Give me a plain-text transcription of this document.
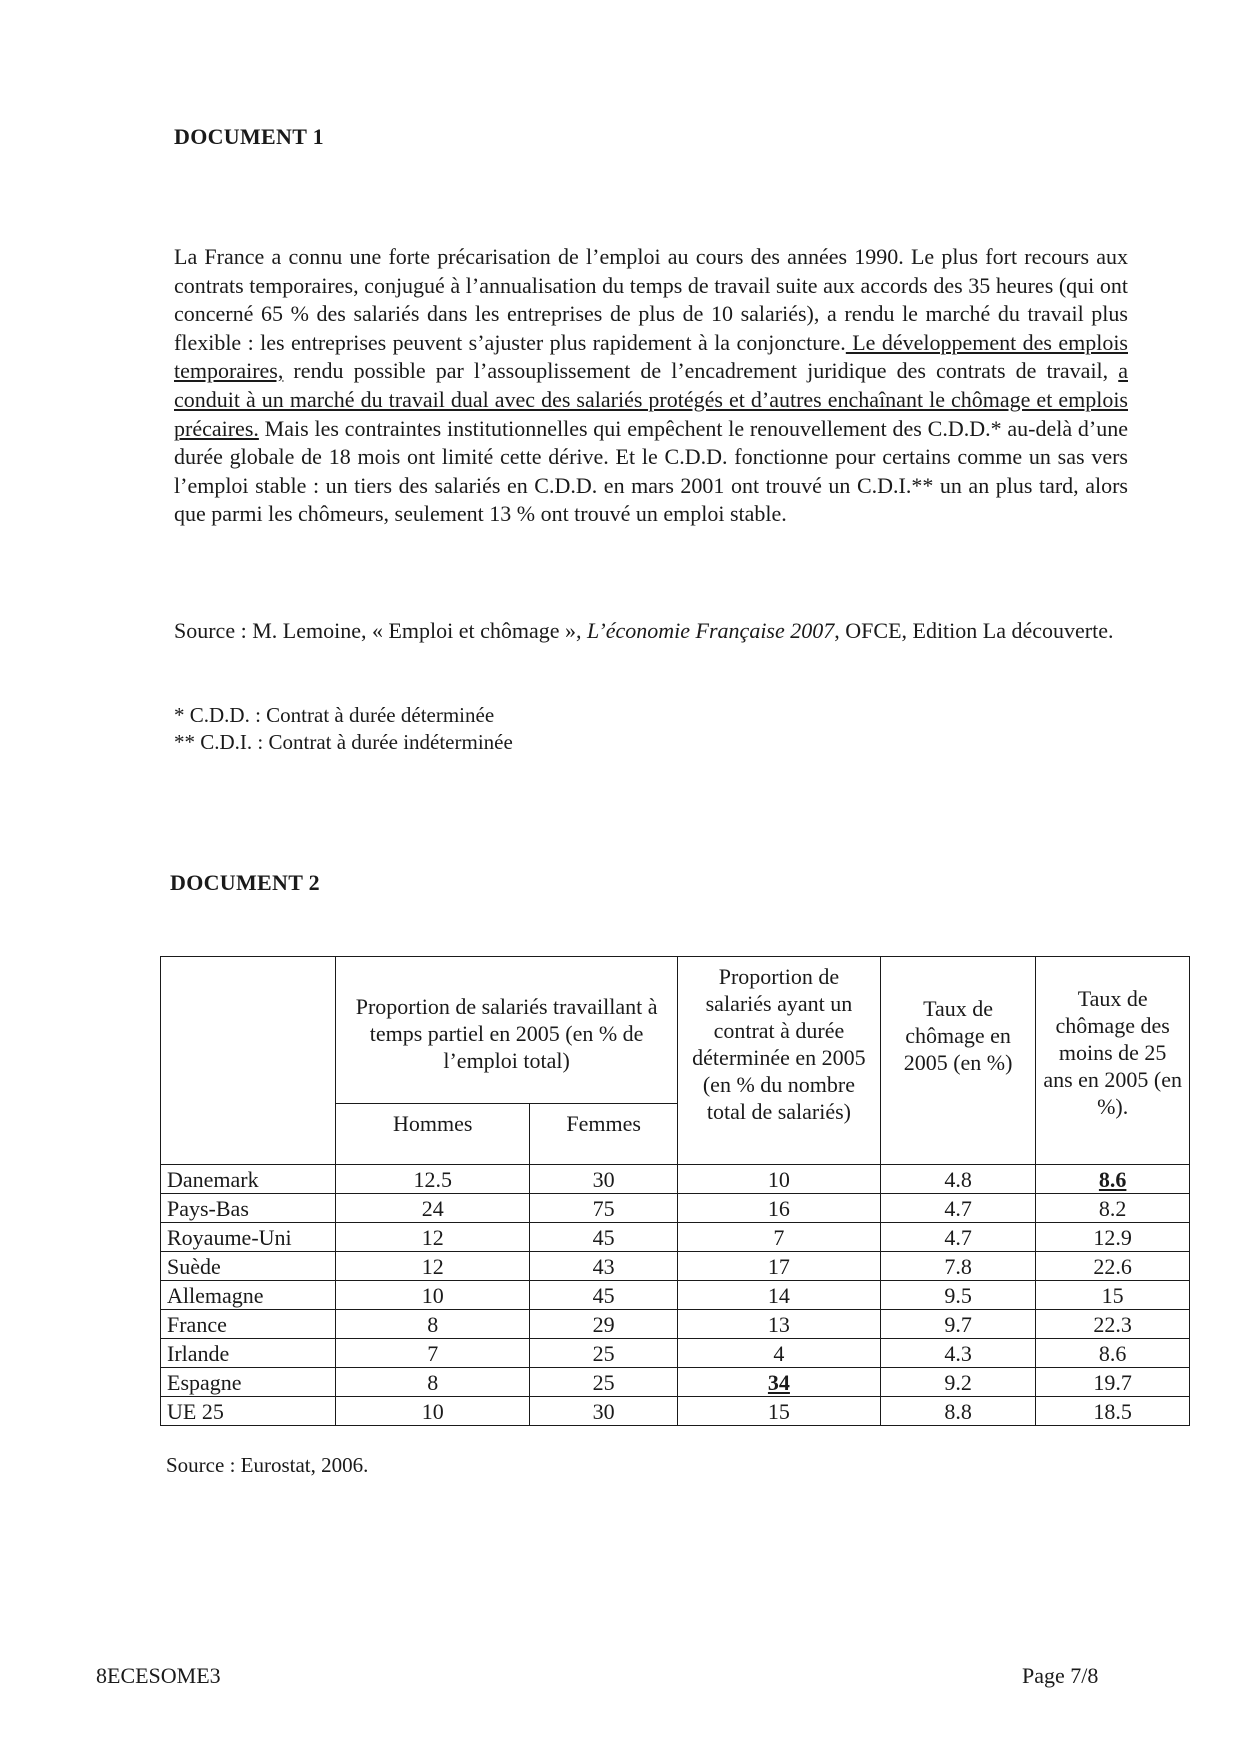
DOCUMENT 1
La France a connu une forte précarisation de l’emploi au cours des années 1990. Le plus fort recours aux contrats temporaires, conjugué à l’annualisation du temps de travail suite aux accords des 35 heures (qui ont concerné 65 % des salariés dans les entreprises de plus de 10 salariés), a rendu le marché du travail plus flexible : les entreprises peuvent s’ajuster plus rapidement à la conjoncture. Le développement des emplois temporaires, rendu possible par l’assouplissement de l’encadrement juridique des contrats de travail, a conduit à un marché du travail dual avec des salariés protégés et d’autres enchaînant le chômage et emplois précaires. Mais les contraintes institutionnelles qui empêchent le renouvellement des C.D.D.* au-delà d’une durée globale de 18 mois ont limité cette dérive. Et le C.D.D. fonctionne pour certains comme un sas vers l’emploi stable : un tiers des salariés en C.D.D. en mars 2001 ont trouvé un C.D.I.** un an plus tard, alors que parmi les chômeurs, seulement 13 % ont trouvé un emploi stable.
Source : M. Lemoine, « Emploi et chômage », L’économie Française 2007, OFCE, Edition La découverte.
* C.D.D. : Contrat à durée déterminée
** C.D.I. : Contrat à durée indéterminée
DOCUMENT 2
	Proportion de salariés travaillant à temps partiel en 2005 (en % de l’emploi total)		Proportion de salariés ayant un contrat à durée déterminée en 2005 (en % du nombre total de salariés)	Taux de chômage en 2005 (en %)	Taux de chômage des moins de 25 ans en 2005 (en %).
	Hommes	Femmes			
Danemark	12.5	30	10	4.8	8.6
Pays-Bas	24	75	16	4.7	8.2
Royaume-Uni	12	45	7	4.7	12.9
Suède	12	43	17	7.8	22.6
Allemagne	10	45	14	9.5	15
France	8	29	13	9.7	22.3
Irlande	7	25	4	4.3	8.6
Espagne	8	25	34	9.2	19.7
UE 25	10	30	15	8.8	18.5
Source : Eurostat, 2006.
8ECESOME3	Page 7/8
